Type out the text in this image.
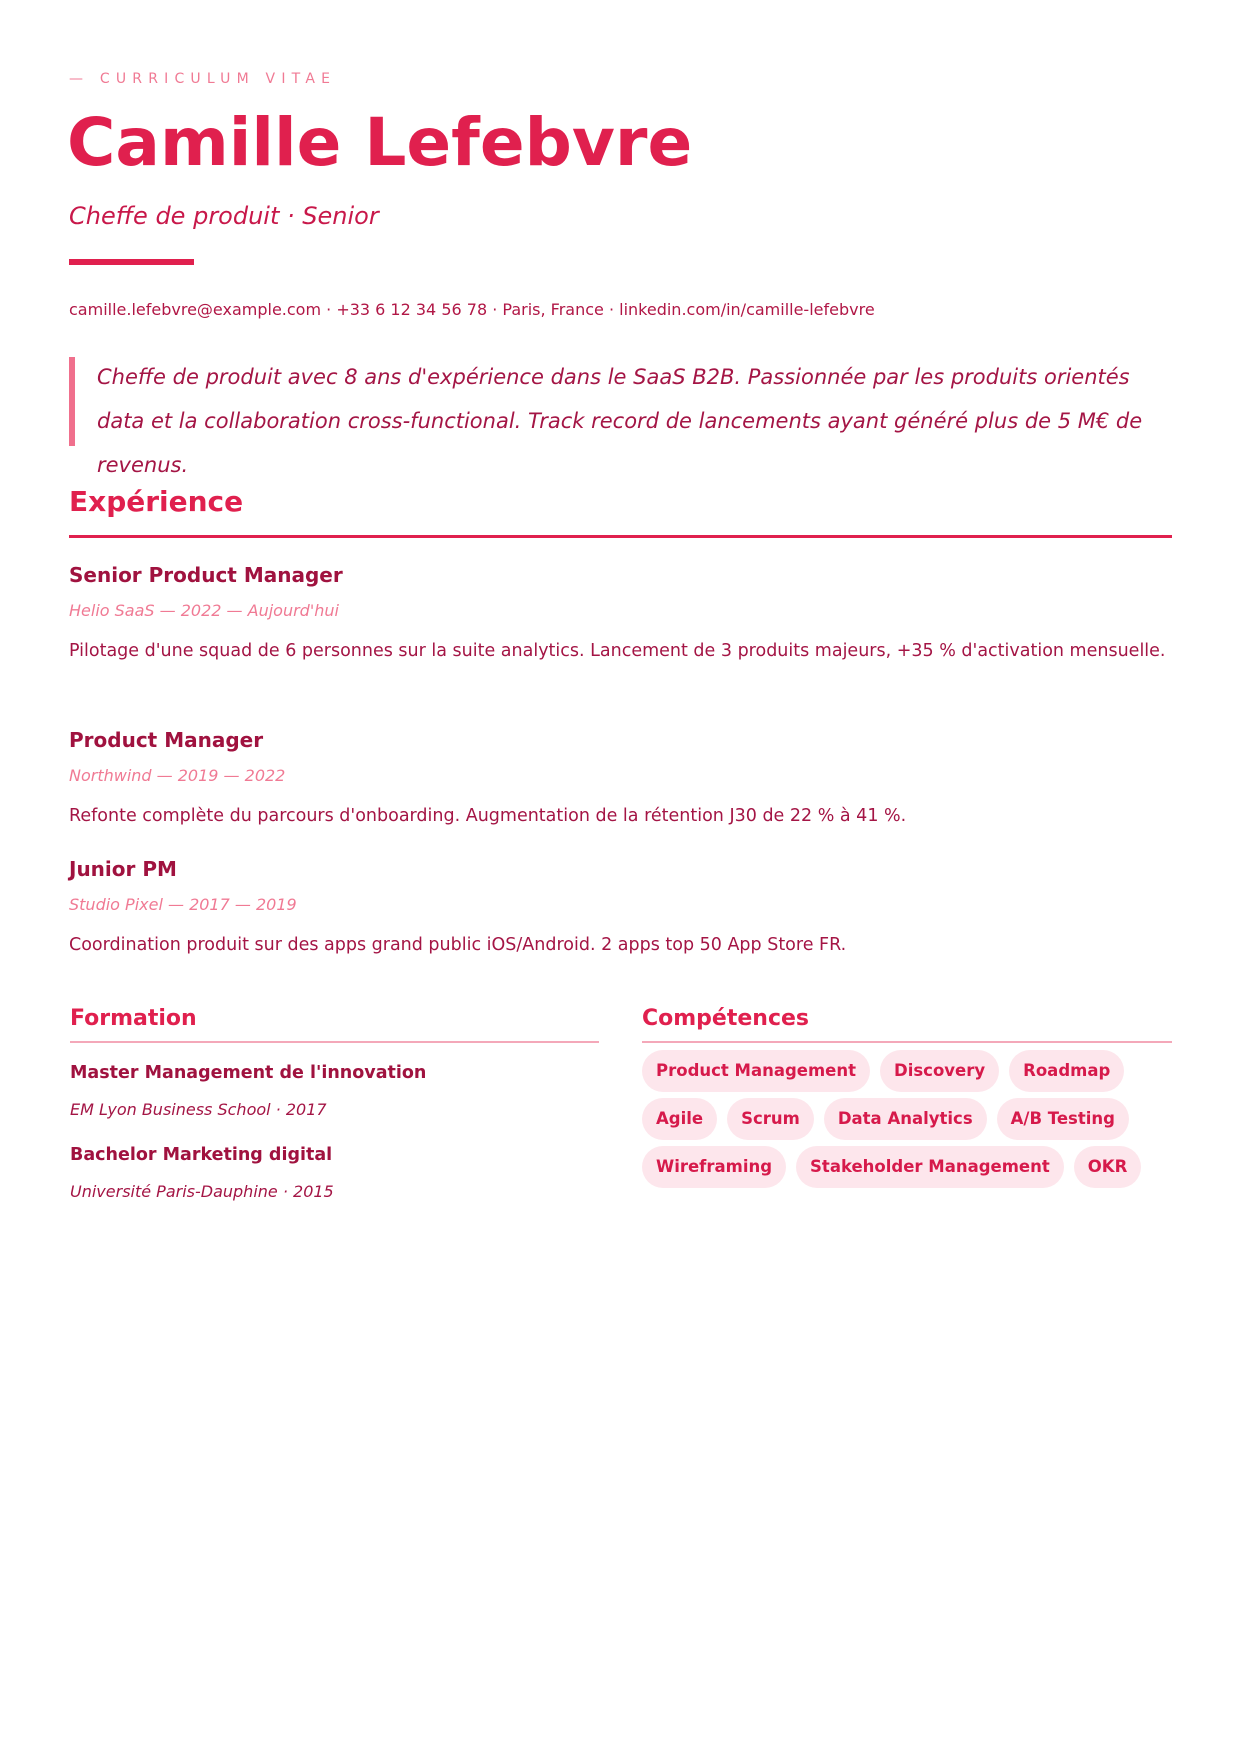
— CURRICULUM VITAE
Camille Lefebvre
Cheffe de produit · Senior
camille.lefebvre@example.com · +33 6 12 34 56 78 · Paris, France · linkedin.com/in/camille-lefebvre

Cheffe de produit avec 8 ans d'expérience dans le SaaS B2B. Passionnée par les produits orientés data et la collaboration cross-functional. Track record de lancements ayant généré plus de 5 M€ de revenus.

Expérience
Senior Product Manager
Helio SaaS — 2022 — Aujourd'hui
Pilotage d'une squad de 6 personnes sur la suite analytics. Lancement de 3 produits majeurs, +35 % d'activation mensuelle.
Product Manager
Northwind — 2019 — 2022
Refonte complète du parcours d'onboarding. Augmentation de la rétention J30 de 22 % à 41 %.
Junior PM
Studio Pixel — 2017 — 2019
Coordination produit sur des apps grand public iOS/Android. 2 apps top 50 App Store FR.
Formation
Master Management de l'innovation
EM Lyon Business School · 2017
Bachelor Marketing digital
Université Paris-Dauphine · 2015
Compétences
Product Management Discovery Roadmap
Agile Scrum Data Analytics A/B Testing
Wireframing Stakeholder Management OKR
